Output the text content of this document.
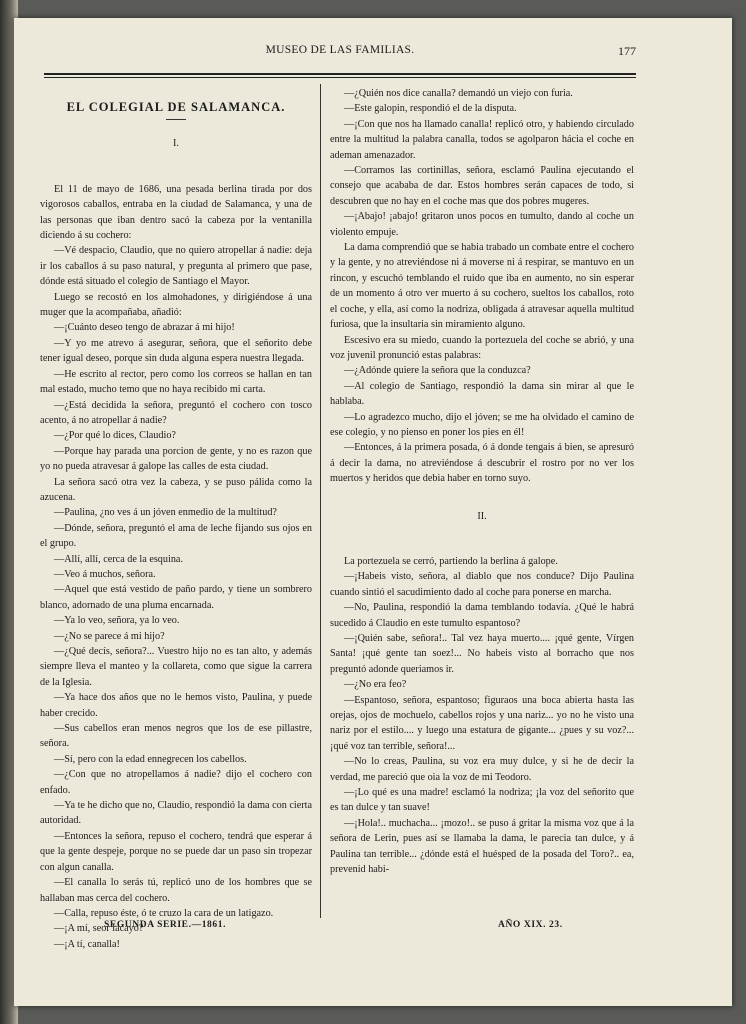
MUSEO DE LAS FAMILIAS.	177
EL COLEGIAL DE SALAMANCA.
I.

El 11 de mayo de 1686, una pesada berlina tirada por dos vigorosos caballos, entraba en la ciudad de Salamanca, y una de las personas que iban dentro sacó la cabeza por la ventanilla diciendo á su cochero:

—Vé despacio, Claudio, que no quiero atropellar á nadie: deja ir los caballos á su paso natural, y pregunta al primero que pase, dónde está situado el colegio de Santiago el Mayor.

Luego se recostó en los almohadones, y dirigiéndose á una muger que la acompañaba, añadió:

—¡Cuánto deseo tengo de abrazar á mi hijo!

—Y yo me atrevo á asegurar, señora, que el señorito debe tener igual deseo, porque sin duda alguna espera nuestra llegada.

—He escrito al rector, pero como los correos se hallan en tan mal estado, mucho temo que no haya recibido mi carta.

—¿Está decidida la señora, preguntó el cochero con tosco acento, á no atropellar á nadie?

—¿Por qué lo dices, Claudio?

—Porque hay parada una porcion de gente, y no es razon que yo no pueda atravesar á galope las calles de esta ciudad.

La señora sacó otra vez la cabeza, y se puso pálida como la azucena.

—Paulina, ¿no ves á un jóven enmedio de la multitud?

—Dónde, señora, preguntó el ama de leche fijando sus ojos en el grupo.

—Allí, allí, cerca de la esquina.

—Veo á muchos, señora.

—Aquel que está vestido de paño pardo, y tiene un sombrero blanco, adornado de una pluma encarnada.

—Ya lo veo, señora, ya lo veo.

—¿No se parece á mi hijo?

—¿Qué decís, señora?... Vuestro hijo no es tan alto, y además siempre lleva el manteo y la collareta, como que sigue la carrera de la Iglesia.

—Ya hace dos años que no le hemos visto, Paulina, y puede haber crecido.

—Sus cabellos eran menos negros que los de ese pillastre, señora.

—Sí, pero con la edad ennegrecen los cabellos.

—¿Con que no atropellamos á nadie? dijo el cochero con enfado.

—Ya te he dicho que no, Claudio, respondió la dama con cierta autoridad.

—Entonces la señora, repuso el cochero, tendrá que esperar á que la gente despeje, porque no se puede dar un paso sin tropezar con algun canalla.

—El canalla lo serás tú, replicó uno de los hombres que se hallaban mas cerca del cochero.

—Calla, repuso éste, ó te cruzo la cara de un latigazo.

—¡A mí, seor lacayo?

—¡A tí, canalla!

—¿Quién nos dice canalla? demandó un viejo con furia.

—Este galopin, respondió el de la disputa.

—¡Con que nos ha llamado canalla! replicó otro, y habiendo circulado entre la multitud la palabra canalla, todos se agolparon hácia el coche en ademan amenazador.

—Corramos las cortinillas, señora, esclamó Paulina ejecutando el consejo que acababa de dar. Estos hombres serán capaces de todo, si descubren que no hay en el coche mas que dos pobres mugeres.

—¡Abajo! ¡abajo! gritaron unos pocos en tumulto, dando al coche un violento empuje.

La dama comprendió que se habia trabado un combate entre el cochero y la gente, y no atreviéndose ni á moverse ni á respirar, se mantuvo en un rincon, y escuchó temblando el ruido que iba en aumento, no sin esperar de un momento á otro ver muerto á su cochero, sueltos los caballos, roto el coche, y ella, así como la nodriza, obligada á atravesar aquella multitud furiosa, que la insultaria sin miramiento alguno.

Escesivo era su miedo, cuando la portezuela del coche se abrió, y una voz juvenil pronunció estas palabras:

—¿Adónde quiere la señora que la conduzca?

—Al colegio de Santiago, respondió la dama sin mirar al que le hablaba.

—Lo agradezco mucho, dijo el jóven; se me ha olvidado el camino de ese colegio, y no pienso en poner los pies en él!

—Entonces, á la primera posada, ó á donde tengais á bien, se apresuró á decir la dama, no atreviéndose á descubrir el rostro por no ver los muertos y heridos que debia haber en torno suyo.

II.

La portezuela se cerró, partiendo la berlina á galope.

—¡Habeis visto, señora, al diablo que nos conduce? Dijo Paulina cuando sintió el sacudimiento dado al coche para ponerse en marcha.

—No, Paulina, respondió la dama temblando todavía. ¿Qué le habrá sucedido á Claudio en este tumulto espantoso?

—¡Quién sabe, señora!.. Tal vez haya muerto.... ¡qué gente, Vírgen Santa! ¡qué gente tan soez!... No habeis visto al borracho que nos preguntó adonde queriamos ir.

—¿No era feo?

—Espantoso, señora, espantoso; figuraos una boca abierta hasta las orejas, ojos de mochuelo, cabellos rojos y una nariz... yo no he visto una nariz por el estilo.... y luego una estatura de gigante... ¿pues y su voz?... ¡qué voz tan terrible, señora!...

—No lo creas, Paulina, su voz era muy dulce, y si he de decir la verdad, me pareció que oia la voz de mi Teodoro.

—¡Lo qué es una madre! esclamó la nodriza; ¡la voz del señorito que es tan dulce y tan suave!

—¡Hola!.. muchacha... ¡mozo!.. se puso á gritar la misma voz que á la señora de Lerin, pues así se llamaba la dama, le parecia tan dulce, y á Paulina tan terrible... ¿dónde está el huésped de la posada del Toro?.. ea, prevenid habi-

SEGUNDA SERIE.—1861.	AÑO XIX. 23.
